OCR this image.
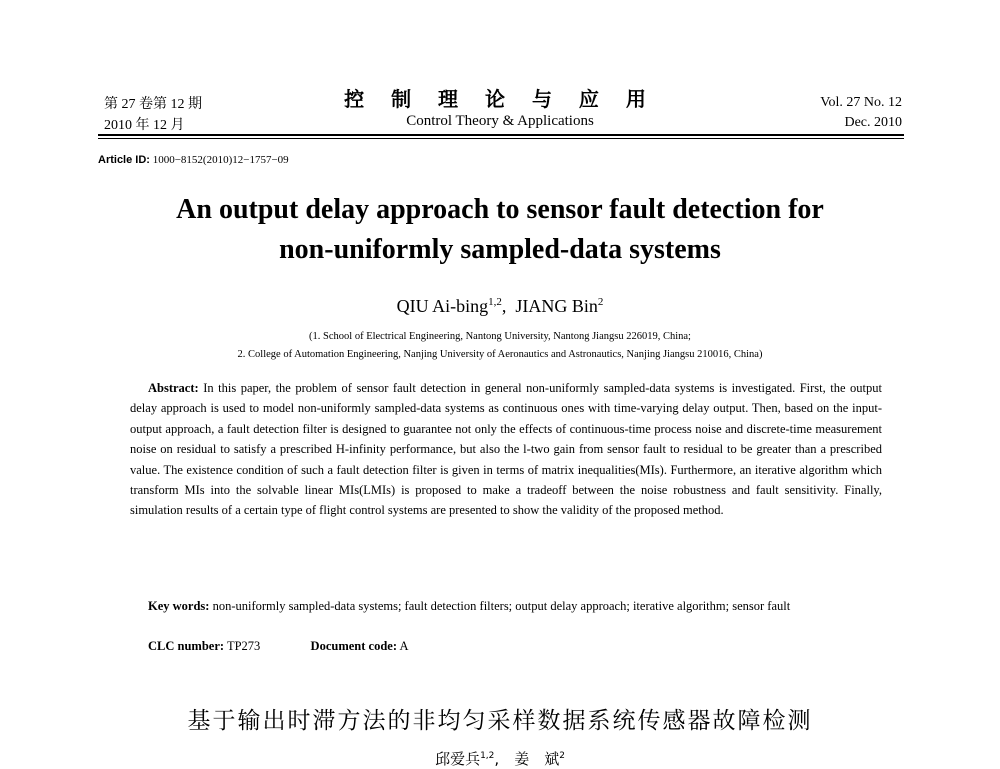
第 27 卷第 12 期
2010 年 12 月
控 制 理 论 与 应 用
Control Theory & Applications
Vol. 27 No. 12
Dec. 2010
Article ID: 1000−8152(2010)12−1757−09
An output delay approach to sensor fault detection for
non-uniformly sampled-data systems
QIU Ai-bing$^{1,2}$,  JIANG Bin$^2$
(1. School of Electrical Engineering, Nantong University, Nantong Jiangsu 226019, China;
2. College of Automation Engineering, Nanjing University of Aeronautics and Astronautics, Nanjing Jiangsu 210016, China)

Abstract: In this paper, the problem of sensor fault detection in general non-uniformly sampled-data systems is investigated. First, the output delay approach is used to model non-uniformly sampled-data systems as continuous ones with time-varying delay output. Then, based on the input-output approach, a fault detection filter is designed to guarantee not only the effects of continuous-time process noise and discrete-time measurement noise on residual to satisfy a prescribed H-infinity performance, but also the l-two gain from sensor fault to residual to be greater than a prescribed value. The existence condition of such a fault detection filter is given in terms of matrix inequalities(MIs). Furthermore, an iterative algorithm which transform MIs into the solvable linear MIs(LMIs) is proposed to make a tradeoff between the noise robustness and fault sensitivity. Finally, simulation results of a certain type of flight control systems are presented to show the validity of the proposed method.

Key words: non-uniformly sampled-data systems; fault detection filters; output delay approach; iterative algorithm; sensor fault

CLC number: TP273	Document code: A
基于输出时滞方法的非均匀采样数据系统传感器故障检测
邱爱兵$^{1,2}$,　姜　斌$^2$
